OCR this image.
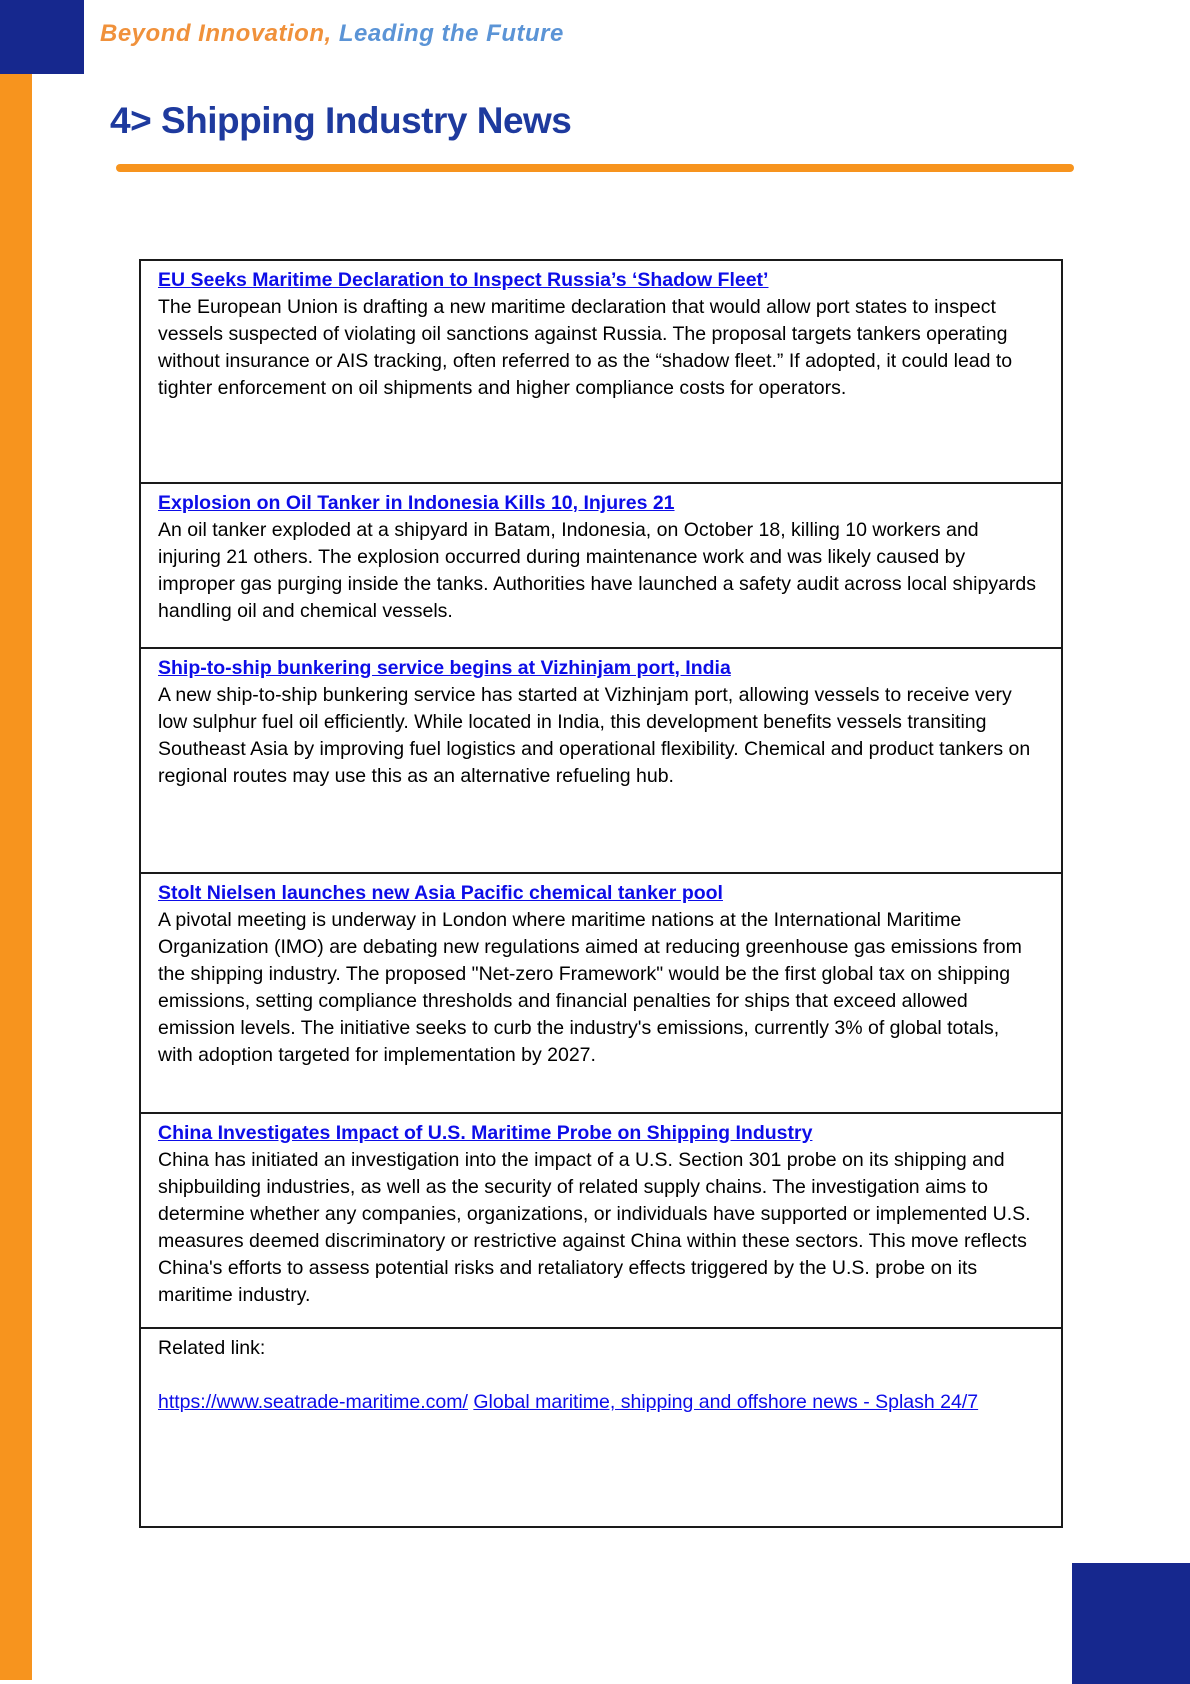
Beyond Innovation, Leading the Future
4> Shipping Industry News
EU Seeks Maritime Declaration to Inspect Russia’s ‘Shadow Fleet’

The European Union is drafting a new maritime declaration that would allow port states to inspect vessels suspected of violating oil sanctions against Russia. The proposal targets tankers operating without insurance or AIS tracking, often referred to as the “shadow fleet.” If adopted, it could lead to tighter enforcement on oil shipments and higher compliance costs for operators.

Explosion on Oil Tanker in Indonesia Kills 10, Injures 21

An oil tanker exploded at a shipyard in Batam, Indonesia, on October 18, killing 10 workers and injuring 21 others. The explosion occurred during maintenance work and was likely caused by improper gas purging inside the tanks. Authorities have launched a safety audit across local shipyards handling oil and chemical vessels.

Ship-to-ship bunkering service begins at Vizhinjam port, India

A new ship-to-ship bunkering service has started at Vizhinjam port, allowing vessels to receive very low sulphur fuel oil efficiently. While located in India, this development benefits vessels transiting Southeast Asia by improving fuel logistics and operational flexibility. Chemical and product tankers on regional routes may use this as an alternative refueling hub.

Stolt Nielsen launches new Asia Pacific chemical tanker pool

A pivotal meeting is underway in London where maritime nations at the International Maritime Organization (IMO) are debating new regulations aimed at reducing greenhouse gas emissions from the shipping industry. The proposed "Net-zero Framework" would be the first global tax on shipping emissions, setting compliance thresholds and financial penalties for ships that exceed allowed emission levels. The initiative seeks to curb the industry's emissions, currently 3% of global totals, with adoption targeted for implementation by 2027.

China Investigates Impact of U.S. Maritime Probe on Shipping Industry

China has initiated an investigation into the impact of a U.S. Section 301 probe on its shipping and shipbuilding industries, as well as the security of related supply chains. The investigation aims to determine whether any companies, organizations, or individuals have supported or implemented U.S. measures deemed discriminatory or restrictive against China within these sectors. This move reflects China's efforts to assess potential risks and retaliatory effects triggered by the U.S. probe on its maritime industry.

Related link:

https://www.seatrade-maritime.com/ Global maritime, shipping and offshore news - Splash 24/7
